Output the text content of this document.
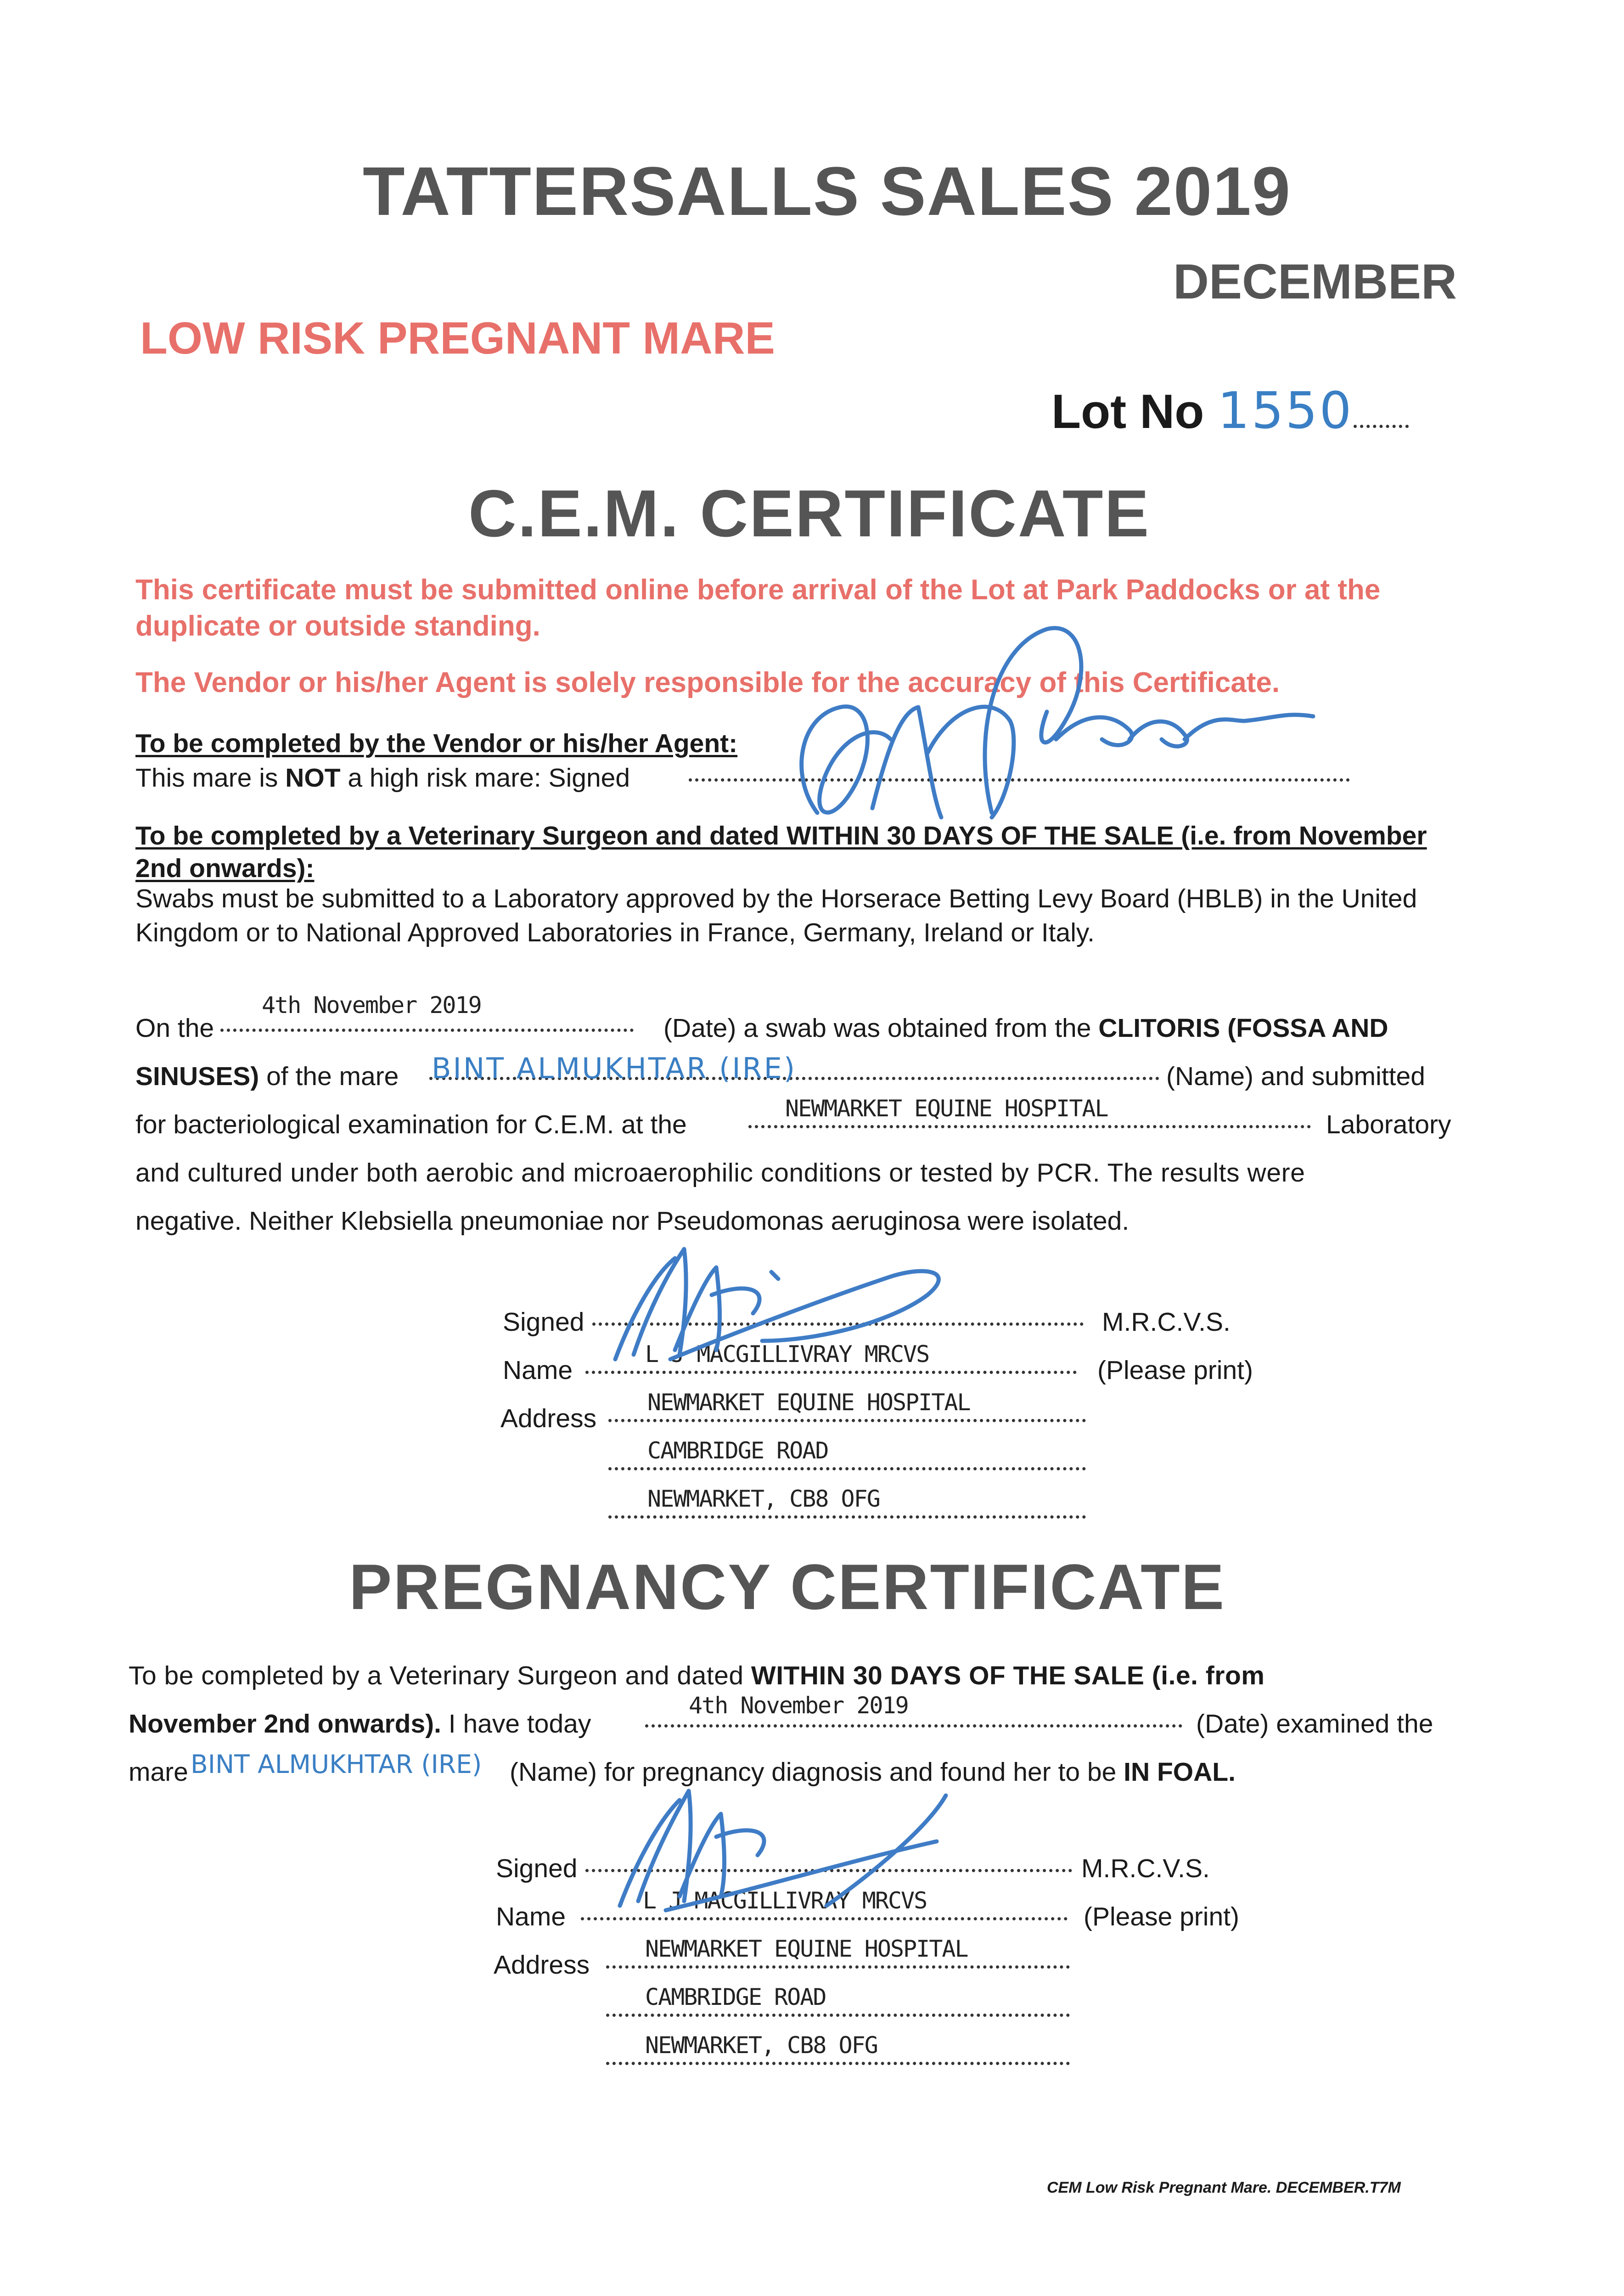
TATTERSALLS SALES 2019
DECEMBER
LOW RISK PREGNANT MARE
Lot No 1550
C.E.M. CERTIFICATE
This certificate must be submitted online before arrival of the Lot at Park Paddocks or at the duplicate or outside standing.
The Vendor or his/her Agent is solely responsible for the accuracy of this Certificate.
To be completed by the Vendor or his/her Agent:
This mare is NOT a high risk mare: Signed
To be completed by a Veterinary Surgeon and dated WITHIN 30 DAYS OF THE SALE (i.e. from November 2nd onwards):
Swabs must be submitted to a Laboratory approved by the Horserace Betting Levy Board (HBLB) in the United Kingdom or to National Approved Laboratories in France, Germany, Ireland or Italy.
On the
4th November 2019
(Date) a swab was obtained from the CLITORIS (FOSSA AND
SINUSES) of the mare BINT ALMUKHTAR (IRE)	(Name) and submitted
for bacteriological examination for C.E.M. at the
NEWMARKET EQUINE HOSPITAL
Laboratory
and cultured under both aerobic and microaerophilic conditions or tested by PCR. The results were
negative. Neither Klebsiella pneumoniae nor Pseudomonas aeruginosa were isolated.
Signed	M.R.C.V.S.
Name
L J MACGILLIVRAY MRCVS
(Please print)
Address
NEWMARKET EQUINE HOSPITAL
CAMBRIDGE ROAD
NEWMARKET, CB8 OFG
PREGNANCY CERTIFICATE
To be completed by a Veterinary Surgeon and dated WITHIN 30 DAYS OF THE SALE (i.e. from
November 2nd onwards). I have today
4th November 2019
(Date) examined the
mare BINT ALMUKHTAR (IRE) (Name) for pregnancy diagnosis and found her to be IN FOAL.
Signed	M.R.C.V.S.
Name
L J MACGILLIVRAY MRCVS
(Please print)
Address
NEWMARKET EQUINE HOSPITAL
CAMBRIDGE ROAD
NEWMARKET, CB8 OFG
CEM Low Risk Pregnant Mare. DECEMBER.T7M
